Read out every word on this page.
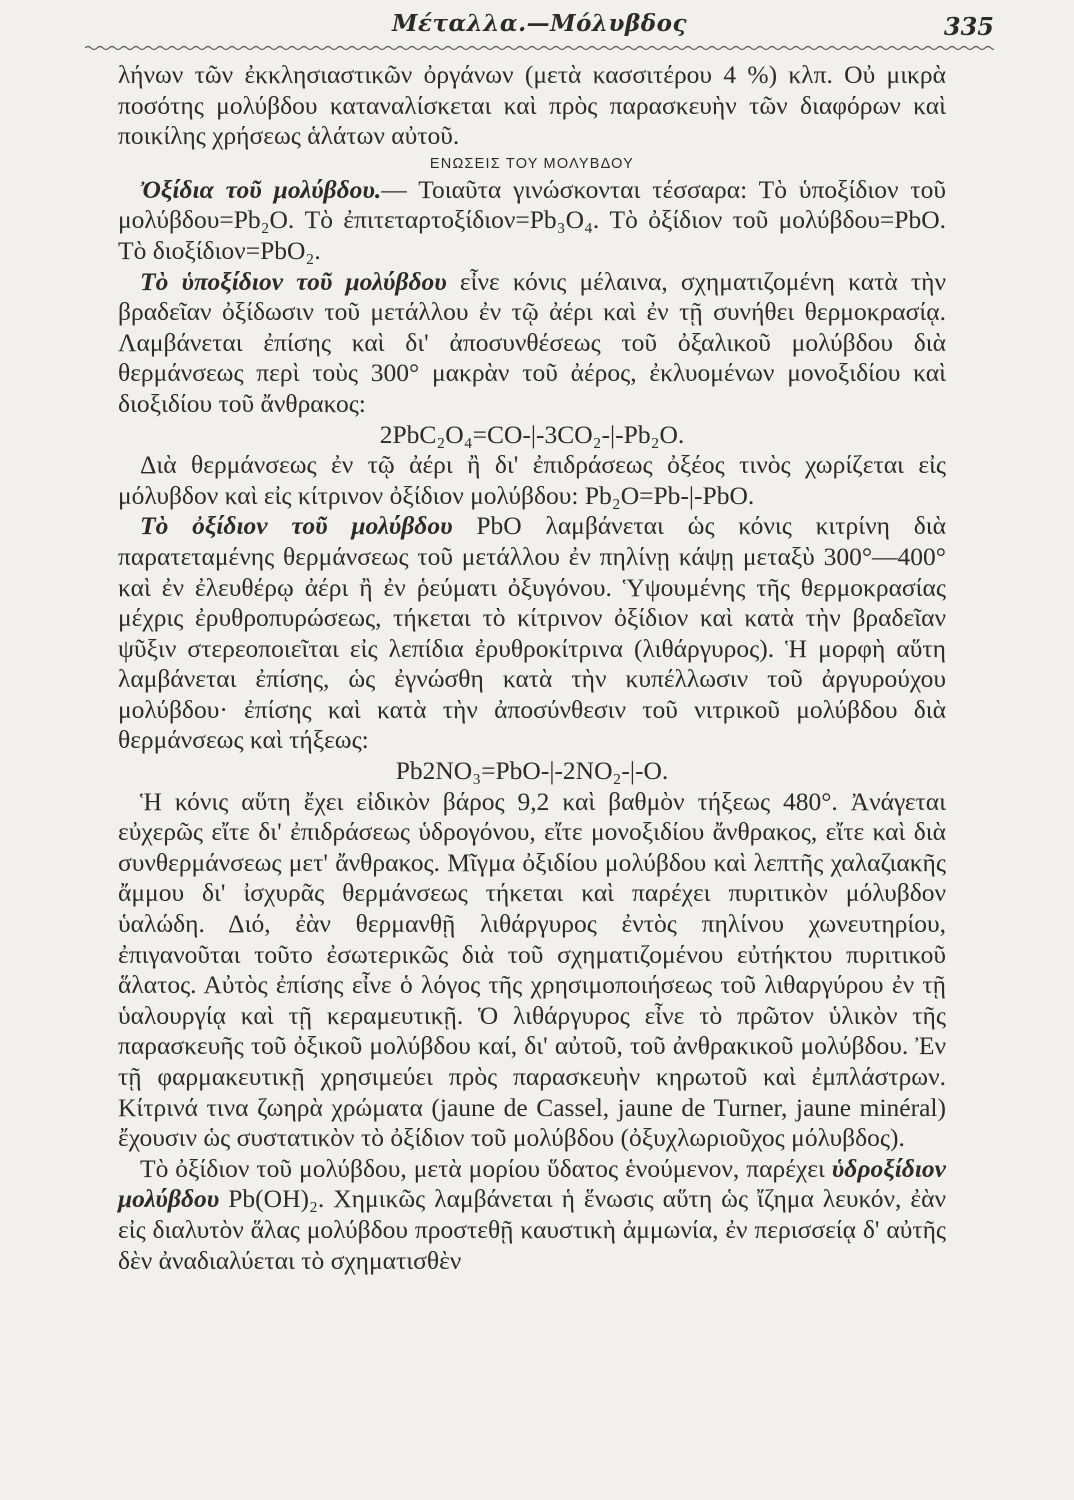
Μέταλλα.—Μόλυβδος	335

λήνων τῶν ἐκκλησιαστικῶν ὀργάνων (μετὰ κασσιτέρου 4 %) κλπ. Οὐ μικρὰ ποσότης μολύβδου καταναλίσκεται καὶ πρὸς παρασκευὴν τῶν διαφόρων καὶ ποικίλης χρήσεως ἁλάτων αὐτοῦ.

ΕΝΩΣΕΙΣ ΤΟΥ ΜΟΛΥΒΔΟΥ

Ὀξίδια τοῦ μολύβδου.— Τοιαῦτα γινώσκονται τέσσαρα: Τὸ ὑποξίδιον τοῦ μολύβδου=Pb₂O. Τὸ ἐπιτεταρτοξίδιον=Pb₃O₄. Τὸ ὀξίδιον τοῦ μολύβδου=PbO. Τὸ διοξίδιον=PbO₂.

Τὸ ὑποξίδιον τοῦ μολύβδου εἶνε κόνις μέλαινα, σχηματιζομένη κατὰ τὴν βραδεῖαν ὀξίδωσιν τοῦ μετάλλου ἐν τῷ ἀέρι καὶ ἐν τῇ συνήθει θερμοκρασίᾳ. Λαμβάνεται ἐπίσης καὶ δι' ἀποσυνθέσεως τοῦ ὀξαλικοῦ μολύβδου διὰ θερμάνσεως περὶ τοὺς 300° μακρὰν τοῦ ἀέρος, ἐκλυομένων μονοξιδίου καὶ διοξιδίου τοῦ ἄνθρακος:

2PbC₂O₄=CO-|-3CO₂-|-Pb₂O.

Διὰ θερμάνσεως ἐν τῷ ἀέρι ἢ δι' ἐπιδράσεως ὀξέος τινὸς χωρίζεται εἰς μόλυβδον καὶ εἰς κίτρινον ὀξίδιον μολύβδου: Pb₂O=Pb-|-PbO.

Τὸ ὀξίδιον τοῦ μολύβδου PbO λαμβάνεται ὡς κόνις κιτρίνη διὰ παρατεταμένης θερμάνσεως τοῦ μετάλλου ἐν πηλίνῃ κάψῃ μεταξὺ 300°—400° καὶ ἐν ἐλευθέρῳ ἀέρι ἢ ἐν ῥεύματι ὀξυγόνου. Ὑψουμένης τῆς θερμοκρασίας μέχρις ἐρυθροπυρώσεως, τήκεται τὸ κίτρινον ὀξίδιον καὶ κατὰ τὴν βραδεῖαν ψῦξιν στερεοποιεῖται εἰς λεπίδια ἐρυθροκίτρινα (λιθάργυρος). Ἡ μορφὴ αὕτη λαμβάνεται ἐπίσης, ὡς ἐγνώσθη κατὰ τὴν κυπέλλωσιν τοῦ ἀργυρούχου μολύβδου· ἐπίσης καὶ κατὰ τὴν ἀποσύνθεσιν τοῦ νιτρικοῦ μολύβδου διὰ θερμάνσεως καὶ τήξεως:

Pb2NO₃=PbO-|-2NO₂-|-O.

Ἡ κόνις αὕτη ἔχει εἰδικὸν βάρος 9,2 καὶ βαθμὸν τήξεως 480°. Ἀνάγεται εὐχερῶς εἴτε δι' ἐπιδράσεως ὑδρογόνου, εἴτε μονοξιδίου ἄνθρακος, εἴτε καὶ διὰ συνθερμάνσεως μετ' ἄνθρακος. Μῖγμα ὀξιδίου μολύβδου καὶ λεπτῆς χαλαζιακῆς ἄμμου δι' ἰσχυρᾶς θερμάνσεως τήκεται καὶ παρέχει πυριτικὸν μόλυβδον ὑαλώδη. Διό, ἐὰν θερμανθῇ λιθάργυρος ἐντὸς πηλίνου χωνευτηρίου, ἐπιγανοῦται τοῦτο ἐσωτερικῶς διὰ τοῦ σχηματιζομένου εὐτήκτου πυριτικοῦ ἅλατος. Αὐτὸς ἐπίσης εἶνε ὁ λόγος τῆς χρησιμοποιήσεως τοῦ λιθαργύρου ἐν τῇ ὑαλουργίᾳ καὶ τῇ κεραμευτικῇ. Ὁ λιθάργυρος εἶνε τὸ πρῶτον ὑλικὸν τῆς παρασκευῆς τοῦ ὀξικοῦ μολύβδου καί, δι' αὐτοῦ, τοῦ ἀνθρακικοῦ μολύβδου. Ἐν τῇ φαρμακευτικῇ χρησιμεύει πρὸς παρασκευὴν κηρωτοῦ καὶ ἐμπλάστρων. Κίτρινά τινα ζωηρὰ χρώματα (jaune de Cassel, jaune de Turner, jaune minéral) ἔχουσιν ὡς συστατικὸν τὸ ὀξίδιον τοῦ μολύβδου (ὀξυχλωριοῦχος μόλυβδος).

Τὸ ὀξίδιον τοῦ μολύβδου, μετὰ μορίου ὕδατος ἑνούμενον, παρέχει ὑδροξίδιον μολύβδου Pb(OH)₂. Χημικῶς λαμβάνεται ἡ ἕνωσις αὕτη ὡς ἴζημα λευκόν, ἐὰν εἰς διαλυτὸν ἅλας μολύβδου προστεθῇ καυστικὴ ἀμμωνία, ἐν περισσείᾳ δ' αὐτῆς δὲν ἀναδιαλύεται τὸ σχηματισθὲν
